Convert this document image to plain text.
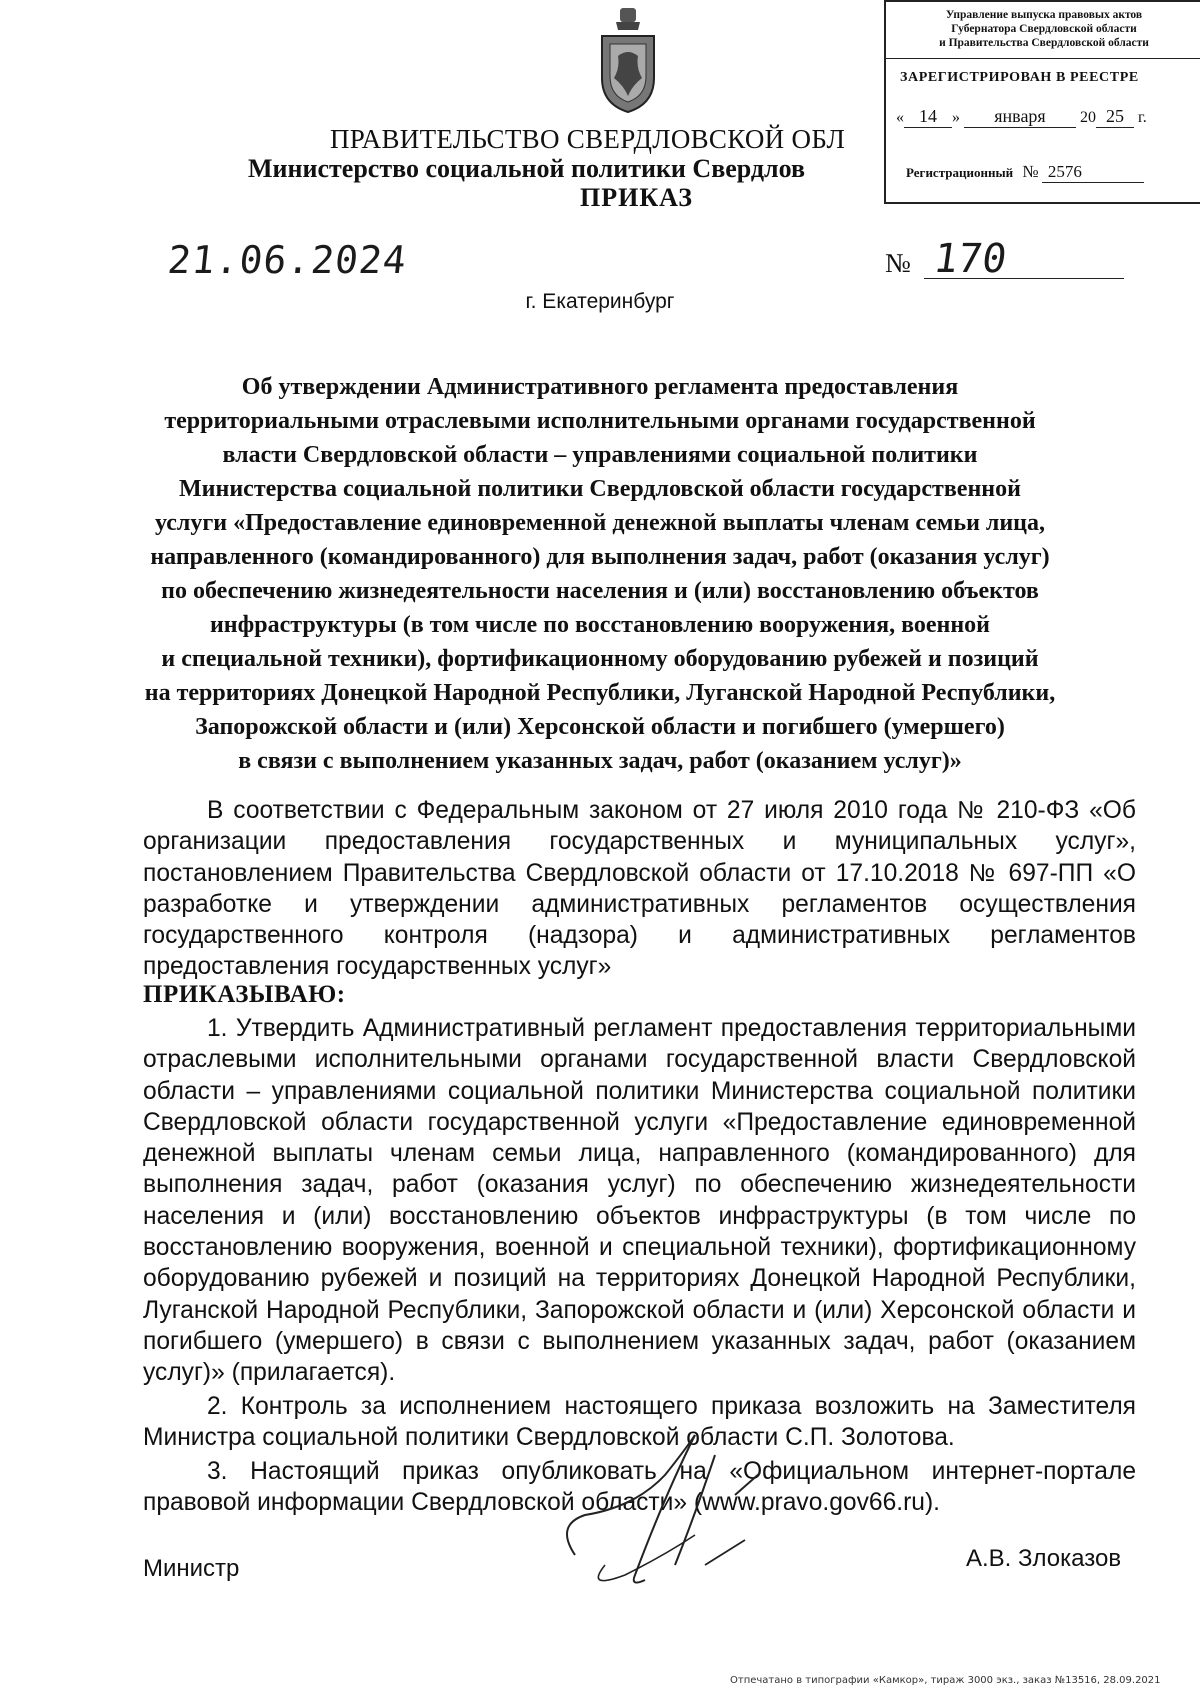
ПРАВИТЕЛЬСТВО СВЕРДЛОВСКОЙ ОБЛ
Министерство социальной политики Свердлов
ПРИКАЗ
Управление выпуска правовых актов
Губернатора Свердловской области
и Правительства Свердловской области
ЗАРЕГИСТРИРОВАН В РЕЕСТРЕ
« 14 » января 20 25 г.
Регистрационный № 2576
21.06.2024	№ 170
г. Екатеринбург
Об утверждении Административного регламента предоставления
территориальными отраслевыми исполнительными органами государственной
власти Свердловской области – управлениями социальной политики
Министерства социальной политики Свердловской области государственной
услуги «Предоставление единовременной денежной выплаты членам семьи лица,
направленного (командированного) для выполнения задач, работ (оказания услуг)
по обеспечению жизнедеятельности населения и (или) восстановлению объектов
инфраструктуры (в том числе по восстановлению вооружения, военной
и специальной техники), фортификационному оборудованию рубежей и позиций
на территориях Донецкой Народной Республики, Луганской Народной Республики,
Запорожской области и (или) Херсонской области и погибшего (умершего)
в связи с выполнением указанных задач, работ (оказанием услуг)»
В соответствии с Федеральным законом от 27 июля 2010 года № 210-ФЗ «Об организации предоставления государственных и муниципальных услуг», постановлением Правительства Свердловской области от 17.10.2018 № 697-ПП «О разработке и утверждении административных регламентов осуществления государственного контроля (надзора) и административных регламентов предоставления государственных услуг»
ПРИКАЗЫВАЮ:
1. Утвердить Административный регламент предоставления территориальными отраслевыми исполнительными органами государственной власти Свердловской области – управлениями социальной политики Министерства социальной политики Свердловской области государственной услуги «Предоставление единовременной денежной выплаты членам семьи лица, направленного (командированного) для выполнения задач, работ (оказания услуг) по обеспечению жизнедеятельности населения и (или) восстановлению объектов инфраструктуры (в том числе по восстановлению вооружения, военной и специальной техники), фортификационному оборудованию рубежей и позиций на территориях Донецкой Народной Республики, Луганской Народной Республики, Запорожской области и (или) Херсонской области и погибшего (умершего) в связи с выполнением указанных задач, работ (оказанием услуг)» (прилагается).
2. Контроль за исполнением настоящего приказа возложить на Заместителя Министра социальной политики Свердловской области С.П. Золотова.
3. Настоящий приказ опубликовать на «Официальном интернет-портале правовой информации Свердловской области» (www.pravo.gov66.ru).
Министр	А.В. Злоказов
Отпечатано в типографии «Камкор», тираж 3000 экз., заказ №13516, 28.09.2021
